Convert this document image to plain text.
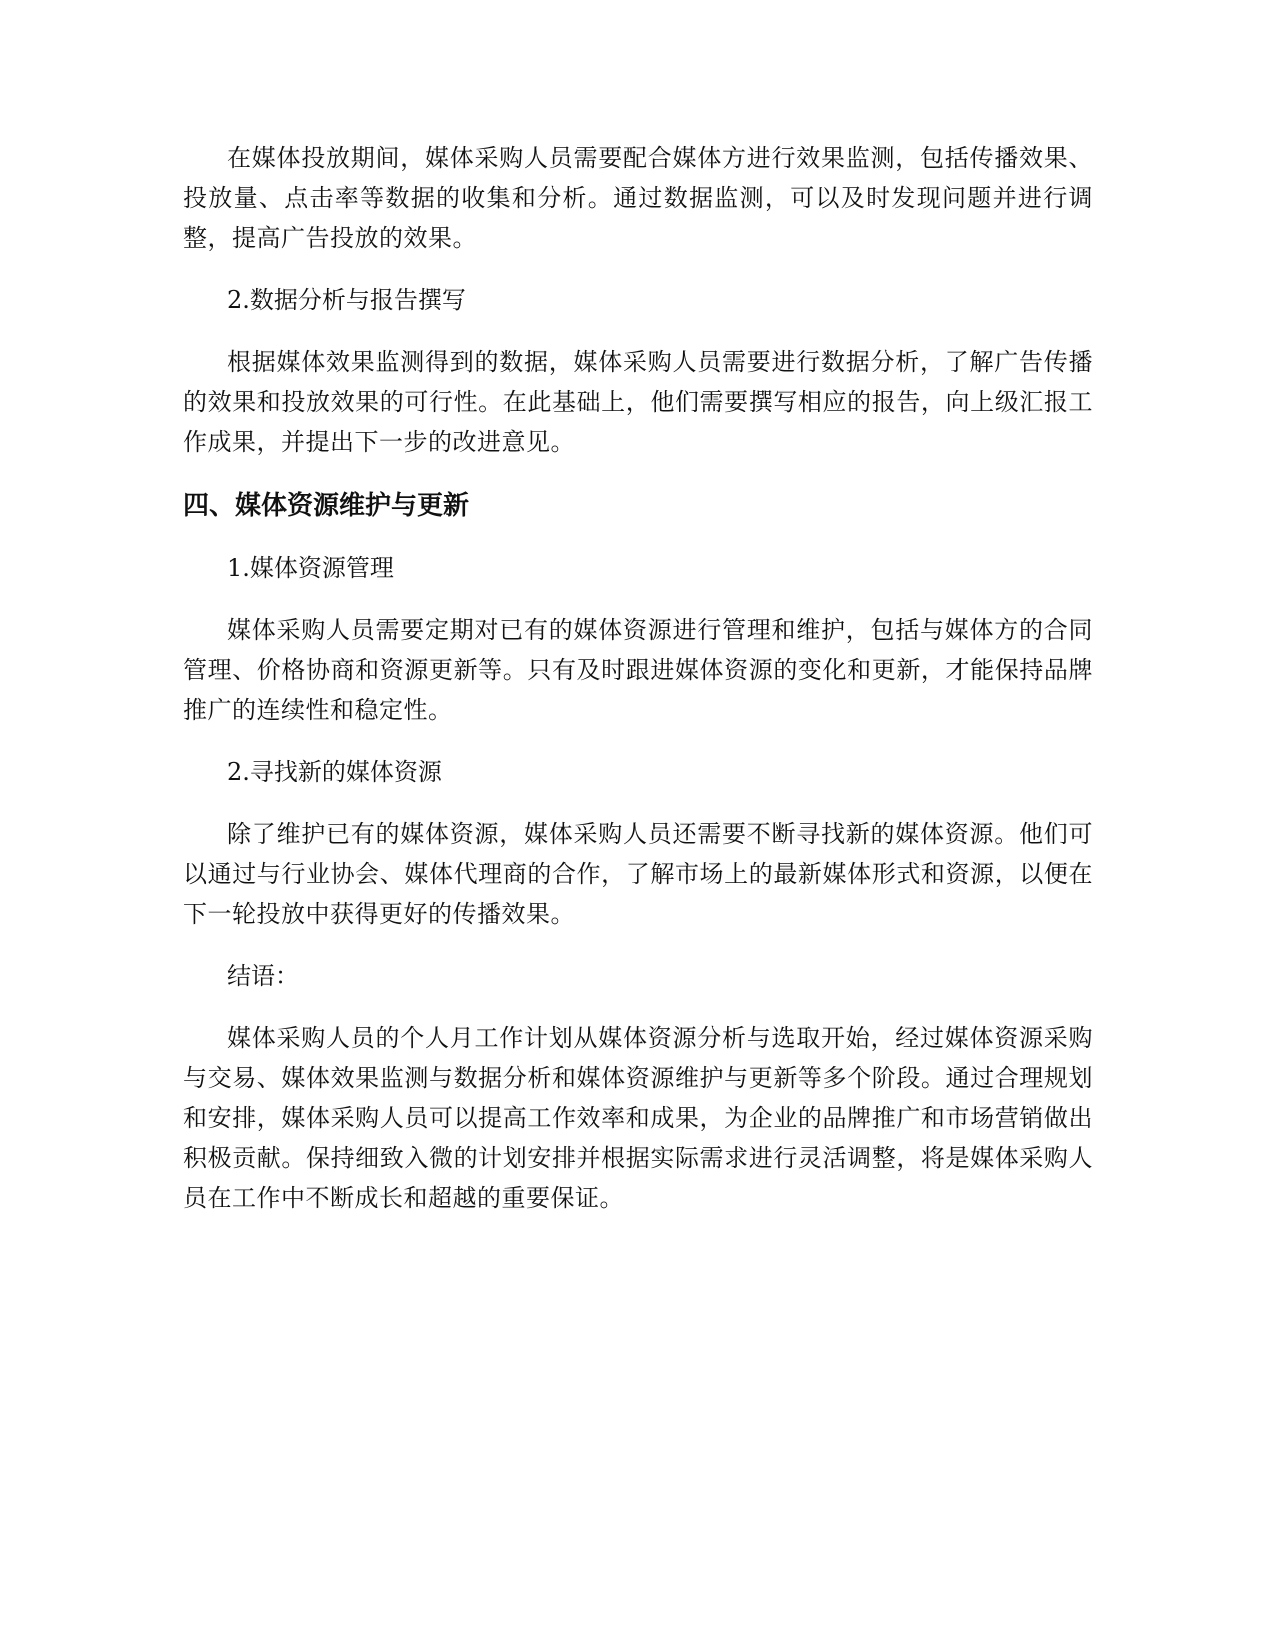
在媒体投放期间，媒体采购人员需要配合媒体方进行效果监测，包括传播效果、投放量、点击率等数据的收集和分析。通过数据监测，可以及时发现问题并进行调整，提高广告投放的效果。

2.数据分析与报告撰写

根据媒体效果监测得到的数据，媒体采购人员需要进行数据分析，了解广告传播的效果和投放效果的可行性。在此基础上，他们需要撰写相应的报告，向上级汇报工作成果，并提出下一步的改进意见。

四、媒体资源维护与更新

1.媒体资源管理

媒体采购人员需要定期对已有的媒体资源进行管理和维护，包括与媒体方的合同管理、价格协商和资源更新等。只有及时跟进媒体资源的变化和更新，才能保持品牌推广的连续性和稳定性。

2.寻找新的媒体资源

除了维护已有的媒体资源，媒体采购人员还需要不断寻找新的媒体资源。他们可以通过与行业协会、媒体代理商的合作，了解市场上的最新媒体形式和资源，以便在下一轮投放中获得更好的传播效果。

结语：

媒体采购人员的个人月工作计划从媒体资源分析与选取开始，经过媒体资源采购与交易、媒体效果监测与数据分析和媒体资源维护与更新等多个阶段。通过合理规划和安排，媒体采购人员可以提高工作效率和成果，为企业的品牌推广和市场营销做出积极贡献。保持细致入微的计划安排并根据实际需求进行灵活调整，将是媒体采购人员在工作中不断成长和超越的重要保证。
